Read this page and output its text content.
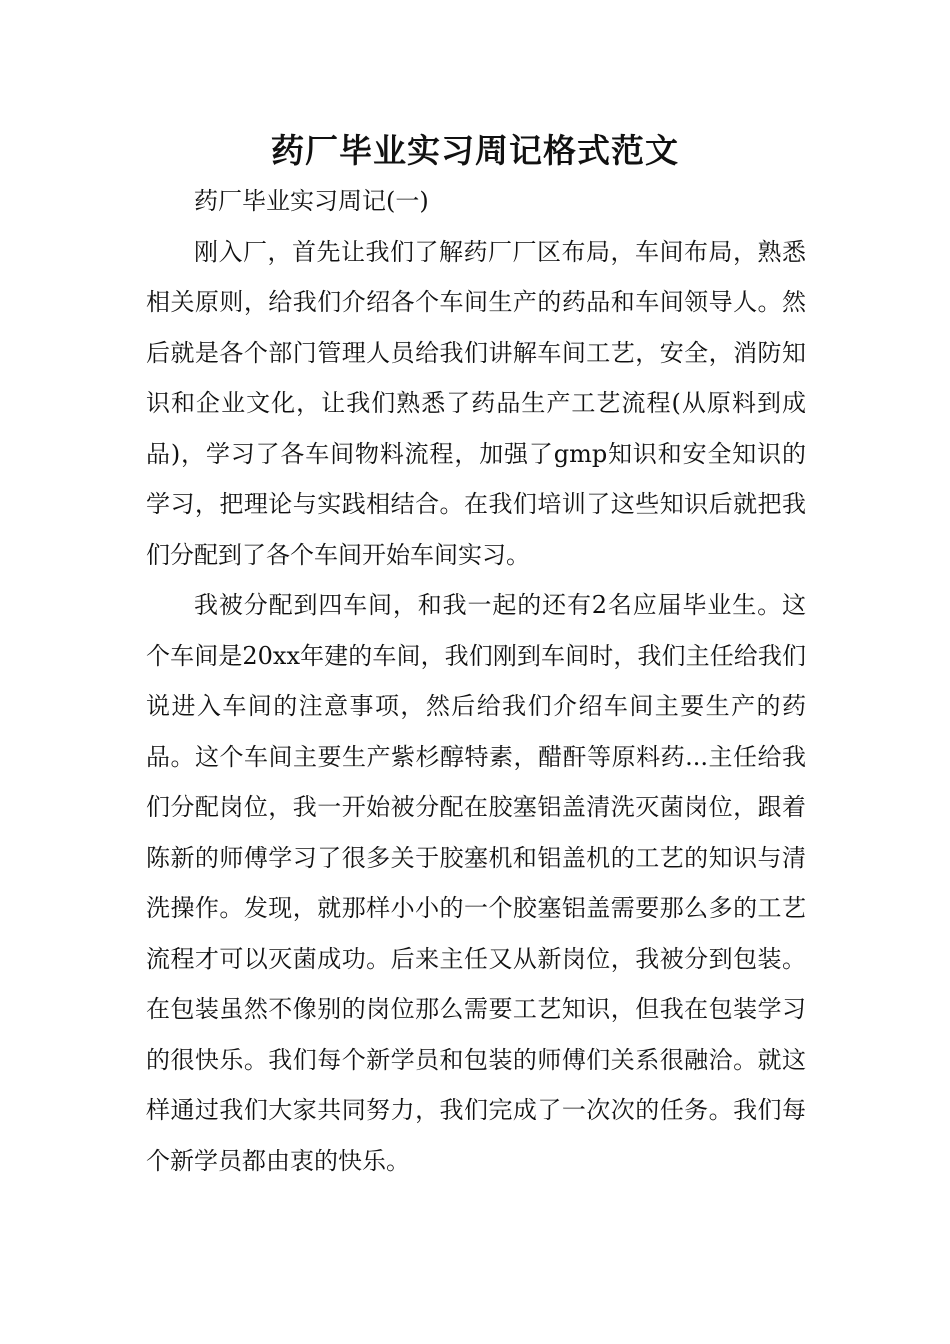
药厂毕业实习周记格式范文

药厂毕业实习周记(一)

刚入厂，首先让我们了解药厂厂区布局，车间布局，熟悉相关原则，给我们介绍各个车间生产的药品和车间领导人。然后就是各个部门管理人员给我们讲解车间工艺，安全，消防知识和企业文化，让我们熟悉了药品生产工艺流程(从原料到成品)，学习了各车间物料流程，加强了gmp知识和安全知识的学习，把理论与实践相结合。在我们培训了这些知识后就把我们分配到了各个车间开始车间实习。

我被分配到四车间，和我一起的还有2名应届毕业生。这个车间是20xx年建的车间，我们刚到车间时，我们主任给我们说进入车间的注意事项，然后给我们介绍车间主要生产的药品。这个车间主要生产紫杉醇特素，醋酐等原料药...主任给我们分配岗位，我一开始被分配在胶塞铝盖清洗灭菌岗位，跟着陈新的师傅学习了很多关于胶塞机和铝盖机的工艺的知识与清洗操作。发现，就那样小小的一个胶塞铝盖需要那么多的工艺流程才可以灭菌成功。后来主任又从新岗位，我被分到包装。在包装虽然不像别的岗位那么需要工艺知识，但我在包装学习的很快乐。我们每个新学员和包装的师傅们关系很融洽。就这样通过我们大家共同努力，我们完成了一次次的任务。我们每个新学员都由衷的快乐。
